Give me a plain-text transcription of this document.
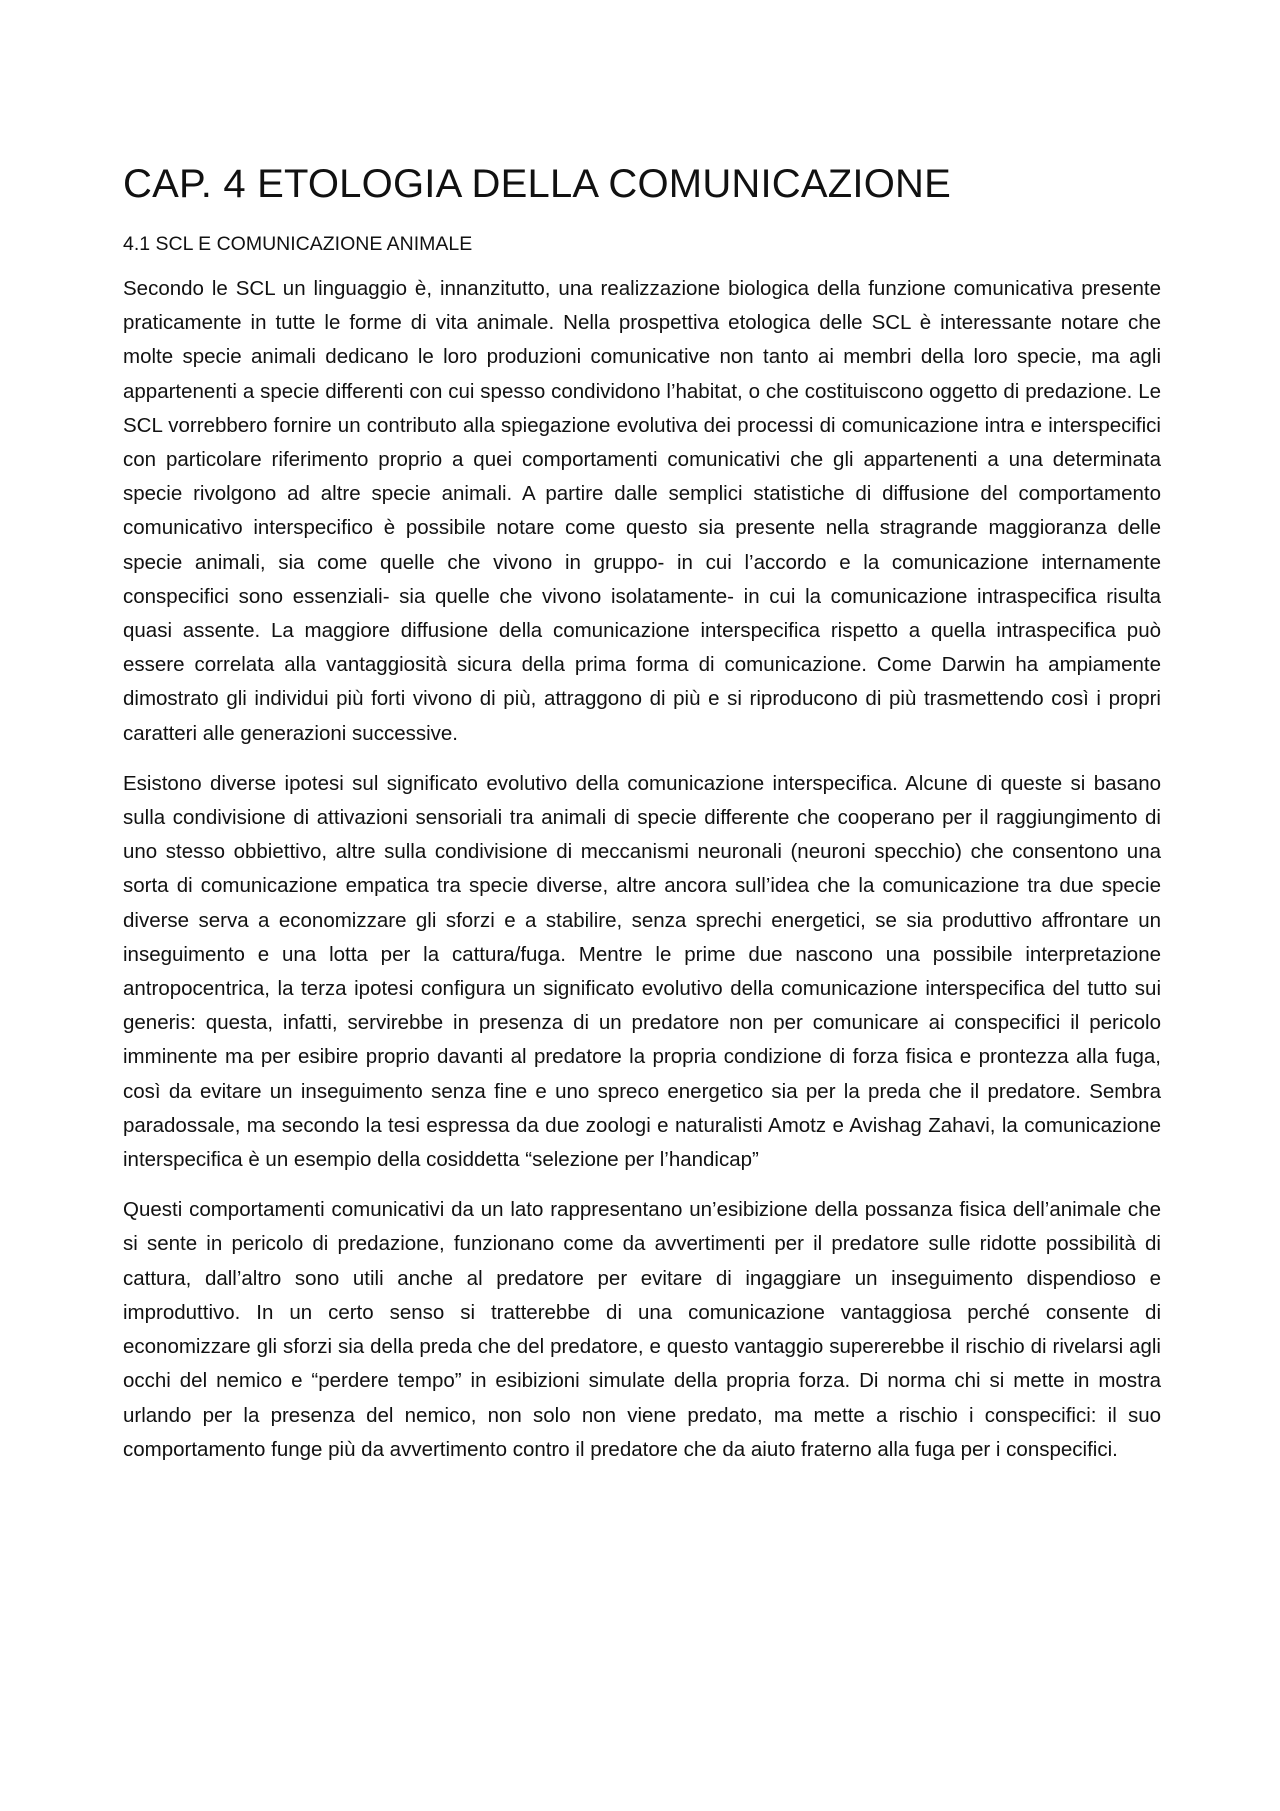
CAP. 4 ETOLOGIA DELLA COMUNICAZIONE
4.1 SCL E COMUNICAZIONE ANIMALE

Secondo le SCL un linguaggio è, innanzitutto, una realizzazione biologica della funzione comunicativa presente praticamente in tutte le forme di vita animale. Nella prospettiva etologica delle SCL è interessante notare che molte specie animali dedicano le loro produzioni comunicative non tanto ai membri della loro specie, ma agli appartenenti a specie differenti con cui spesso condividono l’habitat, o che costituiscono oggetto di predazione. Le SCL vorrebbero fornire un contributo alla spiegazione evolutiva dei processi di comunicazione intra e interspecifici con particolare riferimento proprio a quei comportamenti comunicativi che gli appartenenti a una determinata specie rivolgono ad altre specie animali. A partire dalle semplici statistiche di diffusione del comportamento comunicativo interspecifico è possibile notare come questo sia presente nella stragrande maggioranza delle specie animali, sia come quelle che vivono in gruppo- in cui l’accordo e la comunicazione internamente conspecifici sono essenziali- sia quelle che vivono isolatamente- in cui la comunicazione intraspecifica risulta quasi assente. La maggiore diffusione della comunicazione interspecifica rispetto a quella intraspecifica può essere correlata alla vantaggiosità sicura della prima forma di comunicazione. Come Darwin ha ampiamente dimostrato gli individui più forti vivono di più, attraggono di più e si riproducono di più trasmettendo così i propri caratteri alle generazioni successive.

Esistono diverse ipotesi sul significato evolutivo della comunicazione interspecifica. Alcune di queste si basano sulla condivisione di attivazioni sensoriali tra animali di specie differente che cooperano per il raggiungimento di uno stesso obbiettivo, altre sulla condivisione di meccanismi neuronali (neuroni specchio) che consentono una sorta di comunicazione empatica tra specie diverse, altre ancora sull’idea che la comunicazione tra due specie diverse serva a economizzare gli sforzi e a stabilire, senza sprechi energetici, se sia produttivo affrontare un inseguimento e una lotta per la cattura/fuga. Mentre le prime due nascono una possibile interpretazione antropocentrica, la terza ipotesi configura un significato evolutivo della comunicazione interspecifica del tutto sui generis: questa, infatti, servirebbe in presenza di un predatore non per comunicare ai conspecifici il pericolo imminente ma per esibire proprio davanti al predatore la propria condizione di forza fisica e prontezza alla fuga, così da evitare un inseguimento senza fine e uno spreco energetico sia per la preda che il predatore. Sembra paradossale, ma secondo la tesi espressa da due zoologi e naturalisti Amotz e Avishag Zahavi, la comunicazione interspecifica è un esempio della cosiddetta “selezione per l’handicap”

Questi comportamenti comunicativi da un lato rappresentano un’esibizione della possanza fisica dell’animale che si sente in pericolo di predazione, funzionano come da avvertimenti per il predatore sulle ridotte possibilità di cattura, dall’altro sono utili anche al predatore per evitare di ingaggiare un inseguimento dispendioso e improduttivo. In un certo senso si tratterebbe di una comunicazione vantaggiosa perché consente di economizzare gli sforzi sia della preda che del predatore, e questo vantaggio supererebbe il rischio di rivelarsi agli occhi del nemico e “perdere tempo” in esibizioni simulate della propria forza. Di norma chi si mette in mostra urlando per la presenza del nemico, non solo non viene predato, ma mette a rischio i conspecifici: il suo comportamento funge più da avvertimento contro il predatore che da aiuto fraterno alla fuga per i conspecifici.
